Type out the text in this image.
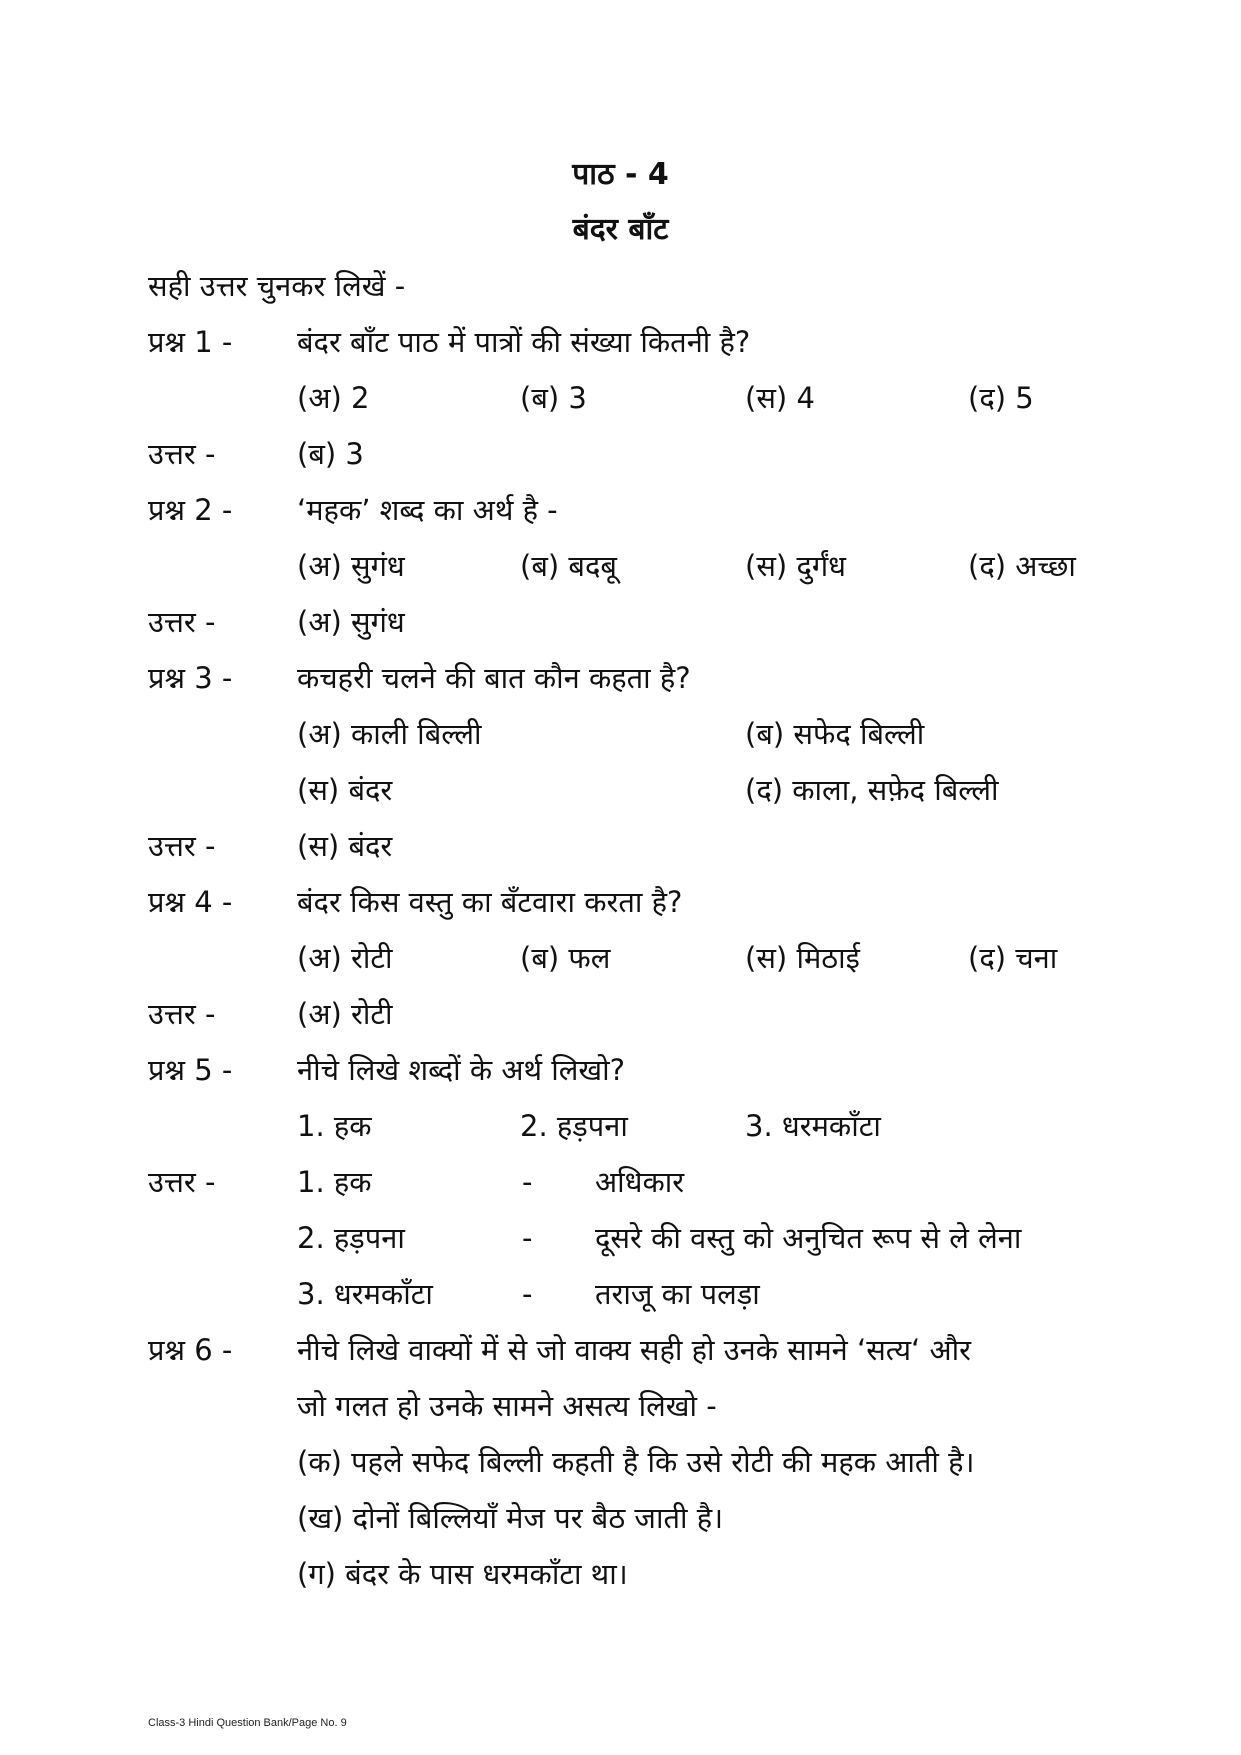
पाठ - 4
बंदर बाँट
सही उत्तर चुनकर लिखें -
प्रश्न 1 - बंदर बाँट पाठ में पात्रों की संख्या कितनी है?
(अ) 2	(ब) 3	(स) 4	(द) 5
उत्तर -	(ब) 3
प्रश्न 2 - ‘महक’ शब्द का अर्थ है -
(अ) सुगंध	(ब) बदबू	(स) दुर्गंध	(द) अच्छा
उत्तर -	(अ) सुगंध
प्रश्न 3 - कचहरी चलने की बात कौन कहता है?
(अ) काली बिल्ली	(ब) सफेद बिल्ली
(स) बंदर	(द) काला, सफ़ेद बिल्ली
उत्तर -	(स) बंदर
प्रश्न 4 - बंदर किस वस्तु का बँटवारा करता है?
(अ) रोटी	(ब) फल	(स) मिठाई	(द) चना
उत्तर -	(अ) रोटी
प्रश्न 5 - नीचे लिखे शब्दों के अर्थ लिखो?
1. हक	2. हड़पना	3. धरमकाँटा
उत्तर -	1. हक	- अधिकार
2. हड़पना	- दूसरे की वस्तु को अनुचित रूप से ले लेना
3. धरमकाँटा	- तराजू का पलड़ा
प्रश्न 6 - नीचे लिखे वाक्यों में से जो वाक्य सही हो उनके सामने ‘सत्य‘ और
जो गलत हो उनके सामने असत्य लिखो -
(क) पहले सफेद बिल्ली कहती है कि उसे रोटी की महक आती है।
(ख) दोनों बिल्लियाँ मेज पर बैठ जाती है।
(ग) बंदर के पास धरमकाँटा था।
Class-3 Hindi Question Bank/Page No. 9
